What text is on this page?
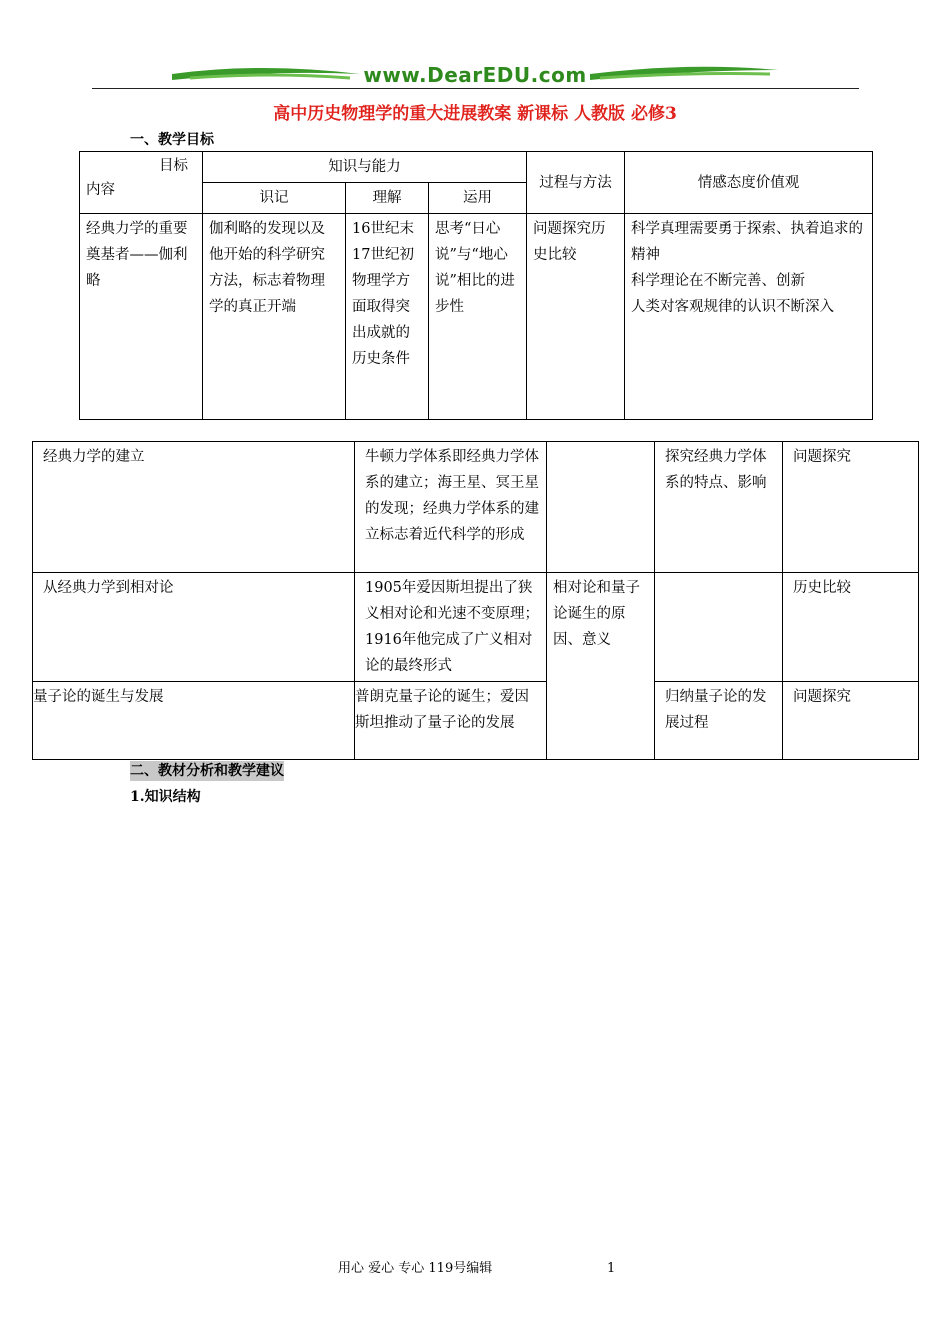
www.DearEDU.com
高中历史物理学的重大进展教案 新课标 人教版 必修3
一、教学目标
目标
内容	知识与能力			过程与方法	情感态度价值观
	识记	理解	运用		
经典力学的重要奠基者——伽利略	伽利略的发现以及他开始的科学研究方法，标志着物理学的真正开端	16世纪末17世纪初物理学方面取得突出成就的历史条件	思考“日心说”与“地心说”相比的进步性	问题探究历史比较	科学真理需要勇于探索、执着追求的精神
科学理论在不断完善、创新
人类对客观规律的认识不断深入
经典力学的建立	牛顿力学体系即经典力学体系的建立；海王星、冥王星的发现；经典力学体系的建立标志着近代科学的形成		探究经典力学体系的特点、影响	问题探究
从经典力学到相对论	1905年爱因斯坦提出了狭义相对论和光速不变原理；1916年他完成了广义相对论的最终形式	相对论和量子论诞生的原因、意义		历史比较
量子论的诞生与发展	普朗克量子论的诞生；爱因斯坦推动了量子论的发展		归纳量子论的发展过程	问题探究
二、教材分析和教学建议
1.知识结构
用心 爱心 专心 119号编辑	1
